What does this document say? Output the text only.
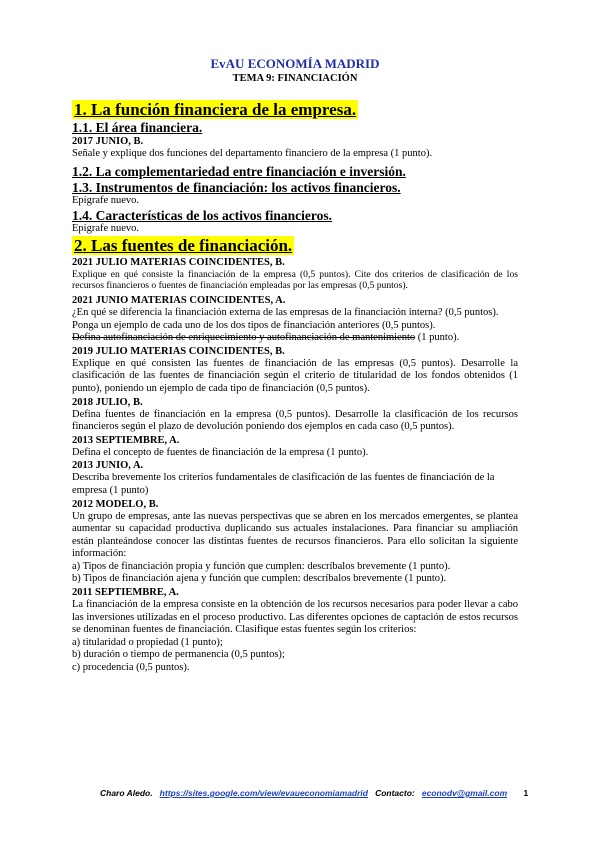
EvAU ECONOMÍA MADRID

TEMA 9: FINANCIACIÓN

1. La función financiera de la empresa.

1.1. El área financiera.

2017 JUNIO, B.

Señale y explique dos funciones del departamento financiero de la empresa (1 punto).

1.2. La complementariedad entre financiación e inversión.

1.3. Instrumentos de financiación: los activos financieros.

Epígrafe nuevo.

1.4. Características de los activos financieros.

Epígrafe nuevo.

2. Las fuentes de financiación.

2021 JULIO MATERIAS COINCIDENTES, B.

Explique en qué consiste la financiación de la empresa (0,5 puntos). Cite dos criterios de clasificación de los recursos financieros o fuentes de financiación empleadas por las empresas (0,5 puntos).

2021 JUNIO MATERIAS COINCIDENTES, A.

¿En qué se diferencia la financiación externa de las empresas de la financiación interna? (0,5 puntos). Ponga un ejemplo de cada uno de los dos tipos de financiación anteriores (0,5 puntos).

Defina autofinanciación de enriquecimiento y autofinanciación de mantenimiento (1 punto).

2019 JULIO MATERIAS COINCIDENTES, B.

Explique en qué consisten las fuentes de financiación de las empresas (0,5 puntos). Desarrolle la clasificación de las fuentes de financiación según el criterio de titularidad de los fondos obtenidos (1 punto), poniendo un ejemplo de cada tipo de financiación (0,5 puntos).

2018 JULIO, B.

Defina fuentes de financiación en la empresa (0,5 puntos). Desarrolle la clasificación de los recursos financieros según el plazo de devolución poniendo dos ejemplos en cada caso (0,5 puntos).

2013 SEPTIEMBRE, A.

Defina el concepto de fuentes de financiación de la empresa (1 punto).

2013 JUNIO, A.

Describa brevemente los criterios fundamentales de clasificación de las fuentes de financiación de la empresa (1 punto)

2012 MODELO, B.

Un grupo de empresas, ante las nuevas perspectivas que se abren en los mercados emergentes, se plantea aumentar su capacidad productiva duplicando sus actuales instalaciones. Para financiar su ampliación están planteándose conocer las distintas fuentes de recursos financieros. Para ello solicitan la siguiente información:

a) Tipos de financiación propia y función que cumplen: descríbalos brevemente (1 punto).

b) Tipos de financiación ajena y función que cumplen: descríbalos brevemente (1 punto).

2011 SEPTIEMBRE, A.

La financiación de la empresa consiste en la obtención de los recursos necesarios para poder llevar a cabo las inversiones utilizadas en el proceso productivo. Las diferentes opciones de captación de estos recursos se denominan fuentes de financiación. Clasifique estas fuentes según los criterios:

a) titularidad o propiedad (1 punto);

b) duración o tiempo de permanencia (0,5 puntos);

c) procedencia (0,5 puntos).

Charo Aledo. https://sites.google.com/view/evaueconomiamadrid Contacto: econodv@gmail.com 1
